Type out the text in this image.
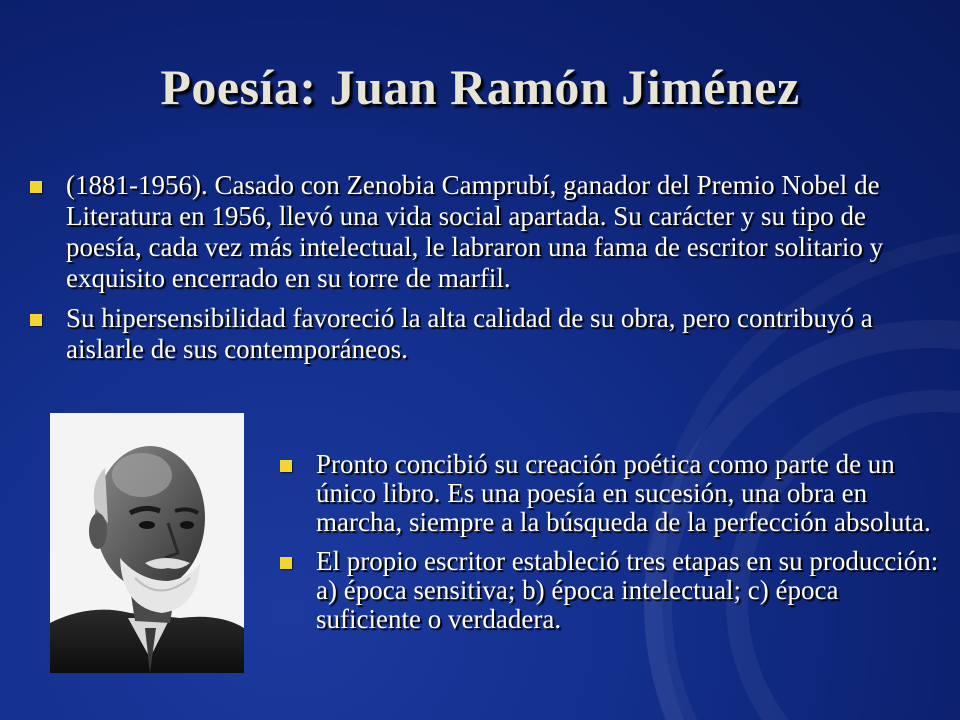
Poesía: Juan Ramón Jiménez
(1881-1956). Casado con Zenobia Camprubí, ganador del Premio Nobel de Literatura en 1956, llevó una vida social apartada. Su carácter y su tipo de poesía, cada vez más intelectual, le labraron una fama de escritor solitario y exquisito encerrado en su torre de marfil.
Su hipersensibilidad favoreció la alta calidad de su obra, pero contribuyó a aislarle de sus contemporáneos.
Pronto concibió su creación poética como parte de un único libro. Es una poesía en sucesión, una obra en marcha, siempre a la búsqueda de la perfección absoluta.
El propio escritor estableció tres etapas en su producción: a) época sensitiva; b) época intelectual; c) época suficiente o verdadera.
